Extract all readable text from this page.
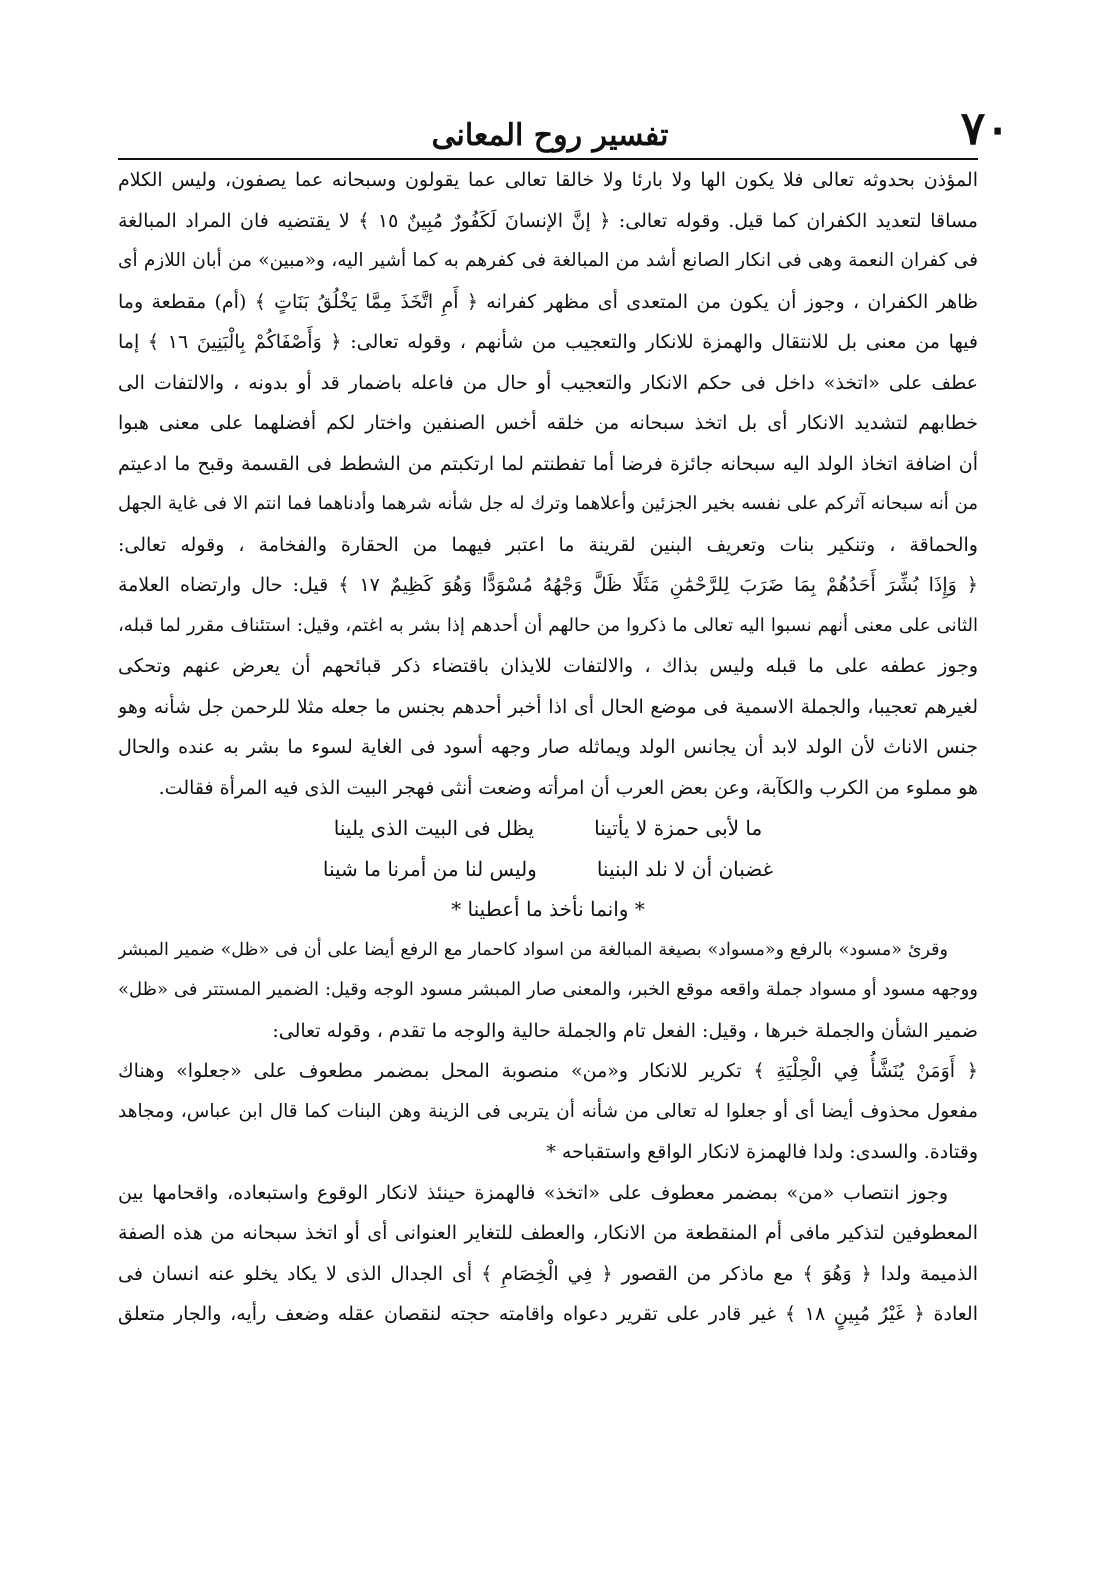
٧٠
تفسير روح المعانى
المؤذن بحدوثه تعالى فلا يكون الها ولا بارئا ولا خالقا تعالى عما يقولون وسبحانه عما يصفون، وليس الكلام
مساقا لتعديد الكفران كما قيل. وقوله تعالى: ﴿ إنَّ الإنسانَ لَكَفُورٌ مُبِينٌ ١٥ ﴾ لا يقتضيه فان المراد المبالغة
فى كفران النعمة وهى فى انكار الصانع أشد من المبالغة فى كفرهم به كما أشير اليه، و«مبين» من أبان اللازم أى
ظاهر الكفران ، وجوز أن يكون من المتعدى أى مظهر كفرانه ﴿ أَمِ اتَّخَذَ مِمَّا يَخْلُقُ بَنَاتٍ ﴾ (أم) مقطعة وما
فيها من معنى بل للانتقال والهمزة للانكار والتعجيب من شأنهم ، وقوله تعالى: ﴿ وَأَصْفَاكُمْ بِالْبَنِينَ ١٦ ﴾ إما
عطف على «اتخذ» داخل فى حكم الانكار والتعجيب أو حال من فاعله باضمار قد أو بدونه ، والالتفات الى
خطابهم لتشديد الانكار أى بل اتخذ سبحانه من خلقه أخس الصنفين واختار لكم أفضلهما على معنى هبوا
أن اضافة اتخاذ الولد اليه سبحانه جائزة فرضا أما تفطنتم لما ارتكبتم من الشطط فى القسمة وقبح ما ادعيتم
من أنه سبحانه آثركم على نفسه بخير الجزئين وأعلاهما وترك له جل شأنه شرهما وأدناهما فما انتم الا فى غاية الجهل
والحماقة ، وتنكير بنات وتعريف البنين لقرينة ما اعتبر فيهما من الحقارة والفخامة ، وقوله تعالى:
﴿ وَإِذَا بُشِّرَ أَحَدُهُمْ بِمَا ضَرَبَ لِلرَّحْمَٰنِ مَثَلًا ظَلَّ وَجْهُهُ مُسْوَدًّا وَهُوَ كَظِيمٌ ١٧ ﴾ قيل: حال وارتضاه العلامة
الثانى على معنى أنهم نسبوا اليه تعالى ما ذكروا من حالهم أن أحدهم إذا بشر به اغتم، وقيل: استئناف مقرر لما قبله،
وجوز عطفه على ما قبله وليس بذاك ، والالتفات للايذان باقتضاء ذكر قبائحهم أن يعرض عنهم وتحكى
لغيرهم تعجيبا، والجملة الاسمية فى موضع الحال أى اذا أخبر أحدهم بجنس ما جعله مثلا للرحمن جل شأنه وهو
جنس الاناث لأن الولد لابد أن يجانس الولد ويماثله صار وجهه أسود فى الغاية لسوء ما بشر به عنده والحال
هو مملوء من الكرب والكآبة، وعن بعض العرب أن امرأته وضعت أنثى فهجر البيت الذى فيه المرأة فقالت.
ما لأبى حمزة لا يأتينا
يظل فى البيت الذى يلينا
غضبان أن لا نلد البنينا
وليس لنا من أمرنا ما شينا
* وانما نأخذ ما أعطينا *
وقرئ «مسود» بالرفع و«مسواد» بصيغة المبالغة من اسواد كاحمار مع الرفع أيضا على أن فى «ظل» ضمير المبشر
ووجهه مسود أو مسواد جملة واقعه موقع الخبر، والمعنى صار المبشر مسود الوجه وقيل: الضمير المستتر فى «ظل»
ضمير الشأن والجملة خبرها ، وقيل: الفعل تام والجملة حالية والوجه ما تقدم ، وقوله تعالى:
﴿ أَوَمَنْ يُنَشَّأُ فِي الْحِلْيَةِ ﴾ تكرير للانكار و«من» منصوبة المحل بمضمر مطعوف على «جعلوا» وهناك
مفعول محذوف أيضا أى أو جعلوا له تعالى من شأنه أن يتربى فى الزينة وهن البنات كما قال ابن عباس، ومجاهد
وقتادة. والسدى: ولدا فالهمزة لانكار الواقع واستقباحه *
وجوز انتصاب «من» بمضمر معطوف على «اتخذ» فالهمزة حينئذ لانكار الوقوع واستبعاده، واقحامها بين
المعطوفين لتذكير مافى أم المنقطعة من الانكار، والعطف للتغاير العنوانى أى أو اتخذ سبحانه من هذه الصفة
الذميمة ولدا ﴿ وَهُوَ ﴾ مع ماذكر من القصور ﴿ فِي الْخِصَامِ ﴾ أى الجدال الذى لا يكاد يخلو عنه انسان فى
العادة ﴿ غَيْرُ مُبِينٍ ١٨ ﴾ غير قادر على تقرير دعواه واقامته حجته لنقصان عقله وضعف رأيه، والجار متعلق
